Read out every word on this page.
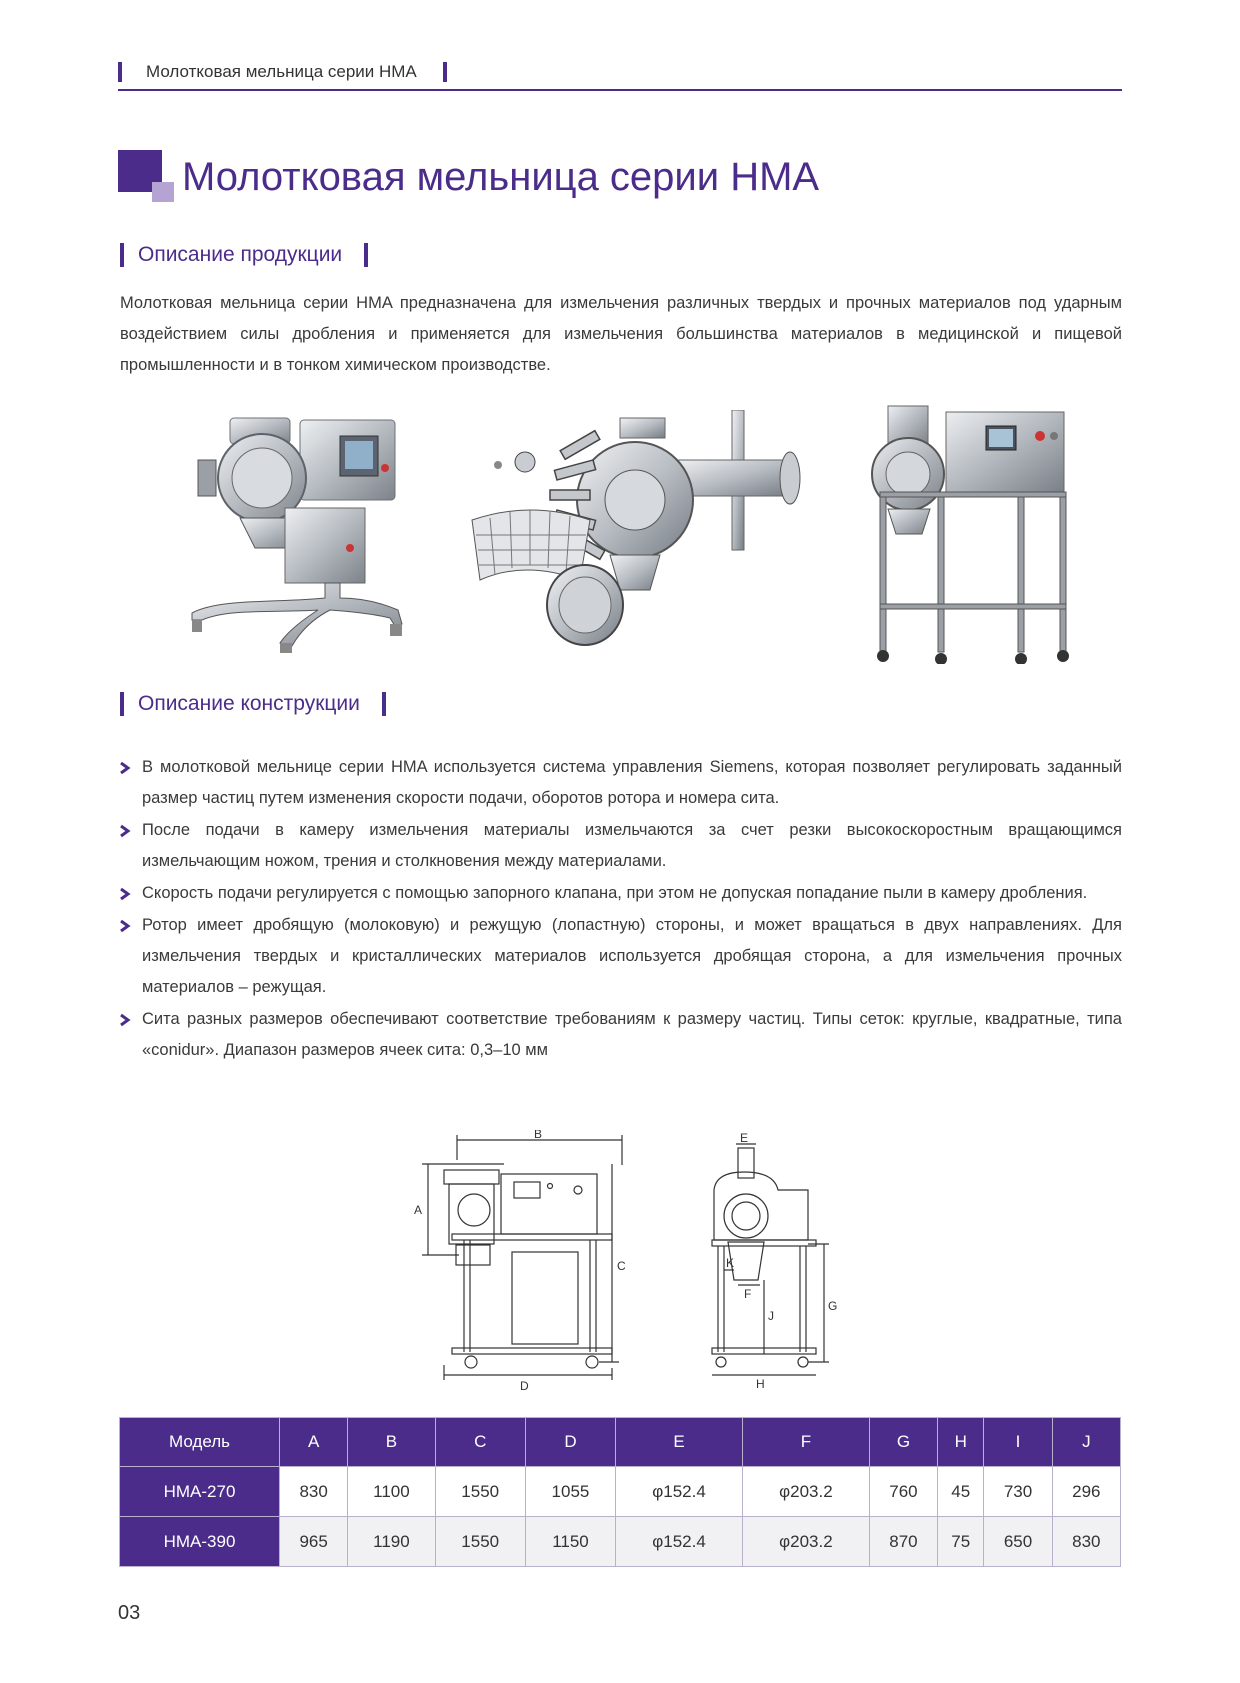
Молотковая мельница серии HMA
Молотковая мельница серии HMA
Описание продукции

Молотковая мельница серии HMA предназначена для измельчения различных твердых и прочных материалов под ударным воздействием силы дробления и применяется для измельчения большинства материалов в медицинской и пищевой промышленности и в тонком химическом производстве.

Описание конструкции
В молотковой мельнице серии HMA используется система управления Siemens, которая позволяет регулировать заданный размер частиц путем изменения скорости подачи, оборотов ротора и номера сита.
После подачи в камеру измельчения материалы измельчаются за счет резки высокоскоростным вращающимся измельчающим ножом, трения и столкновения между материалами.
Скорость подачи регулируется с помощью запорного клапана, при этом не допуская попадание пыли в камеру дробления.
Ротор имеет дробящую (молоковую) и режущую (лопастную) стороны, и может вращаться в двух направлениях. Для измельчения твердых и кристаллических материалов используется дробящая сторона, а для измельчения прочных материалов – режущая.
Сита разных размеров обеспечивают соответствие требованиям к размеру частиц. Типы сеток: круглые, квадратные, типа «conidur». Диапазон размеров ячеек сита: 0,3–10 мм
B
A
C
D
E
K
F
J
G
H
Модель	A	B	C	D	E	F	G	H	I	J
HMA-270	830	1100	1550	1055	φ152.4	φ203.2	760	45	730	296
HMA-390	965	1190	1550	1150	φ152.4	φ203.2	870	75	650	830
03
